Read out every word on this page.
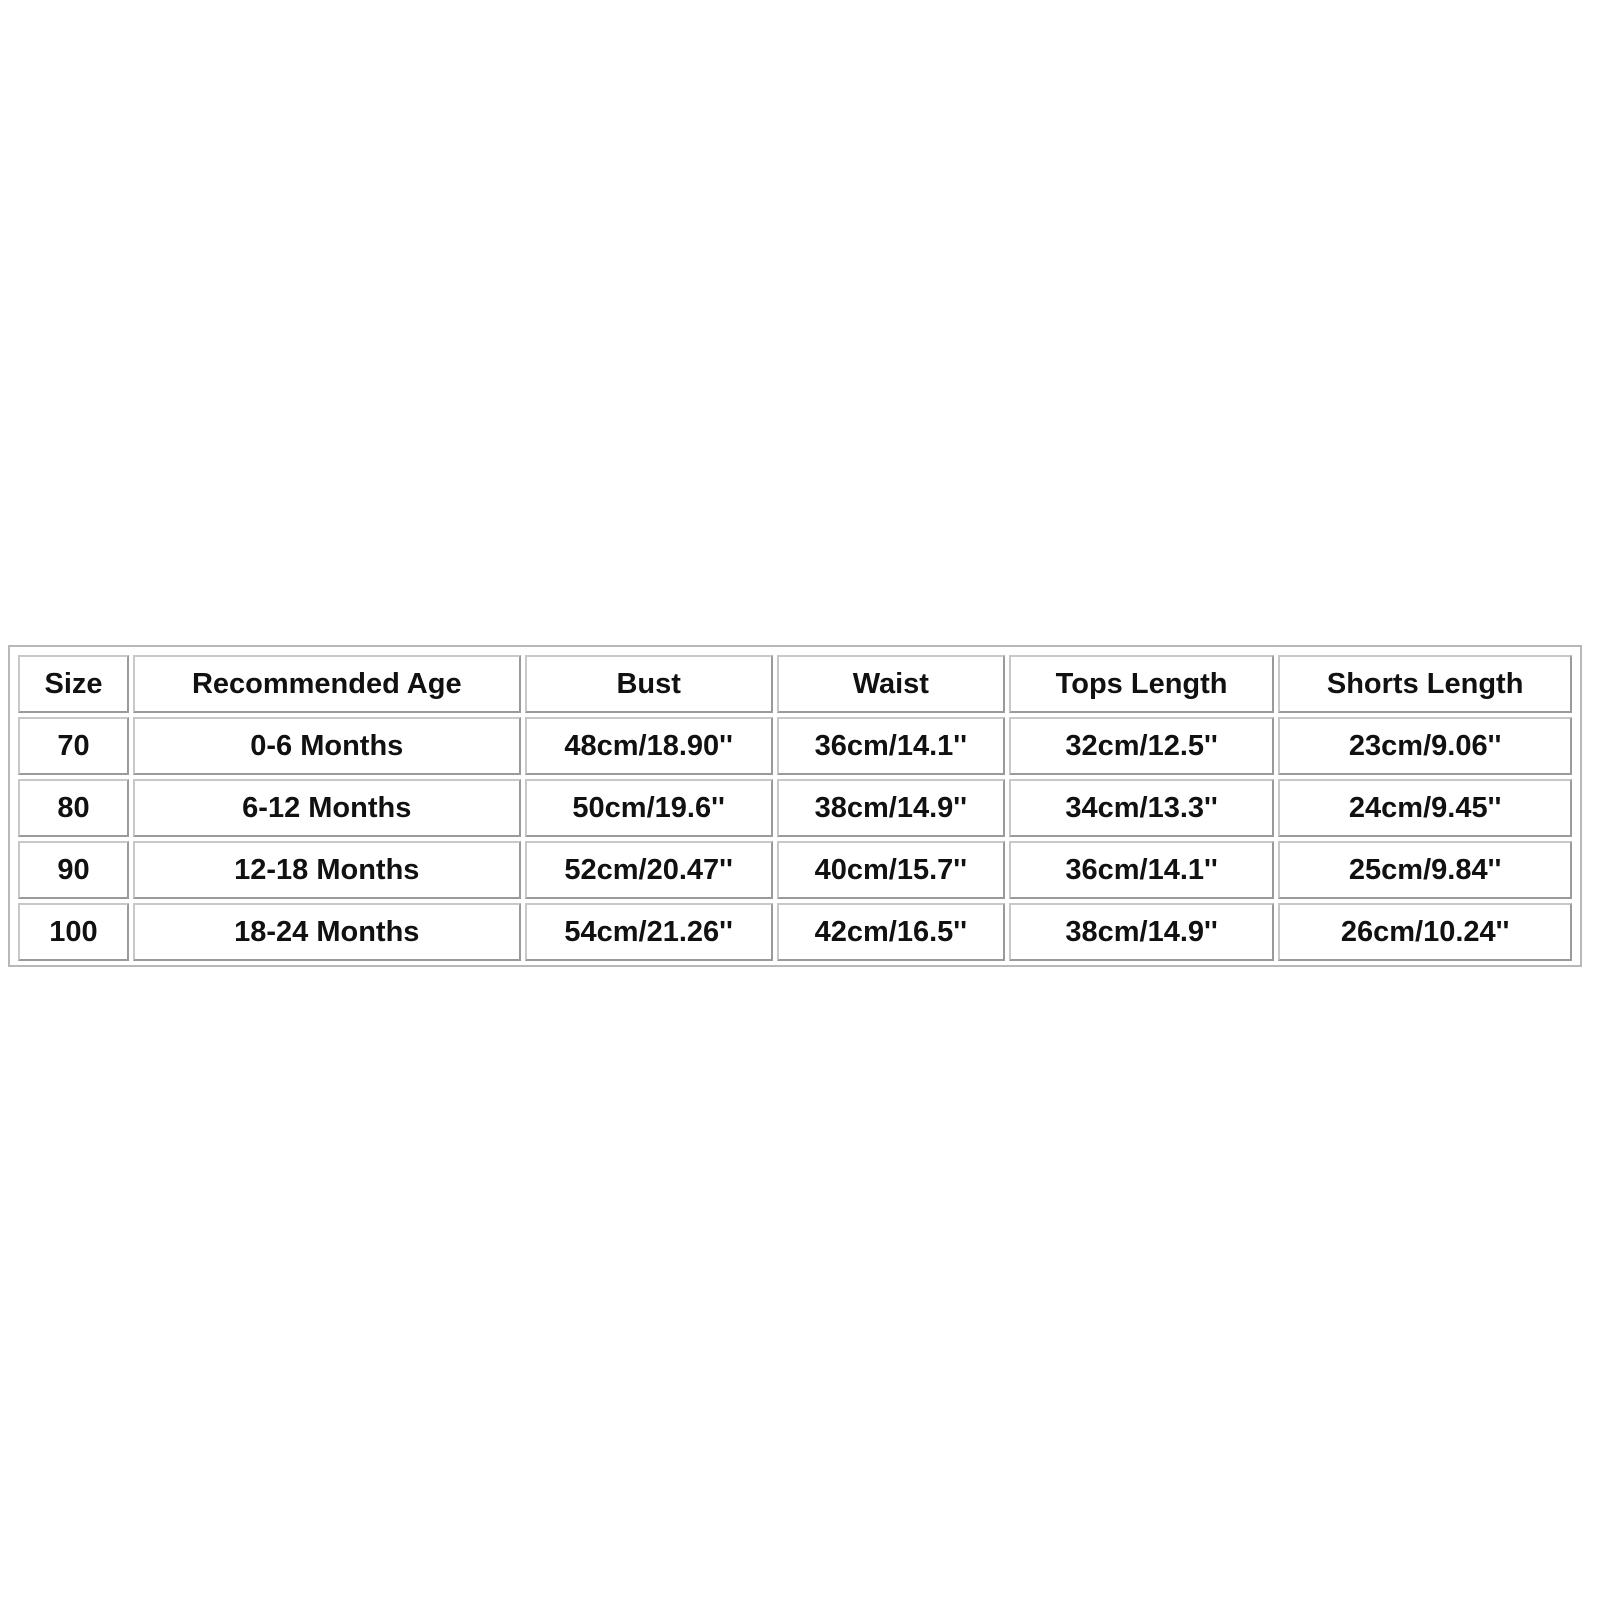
Size	Recommended Age	Bust	Waist	Tops Length	Shorts Length
70	0-6 Months	48cm/18.90''	36cm/14.1''	32cm/12.5''	23cm/9.06''
80	6-12 Months	50cm/19.6''	38cm/14.9''	34cm/13.3''	24cm/9.45''
90	12-18 Months	52cm/20.47''	40cm/15.7''	36cm/14.1''	25cm/9.84''
100	18-24 Months	54cm/21.26''	42cm/16.5''	38cm/14.9''	26cm/10.24''
